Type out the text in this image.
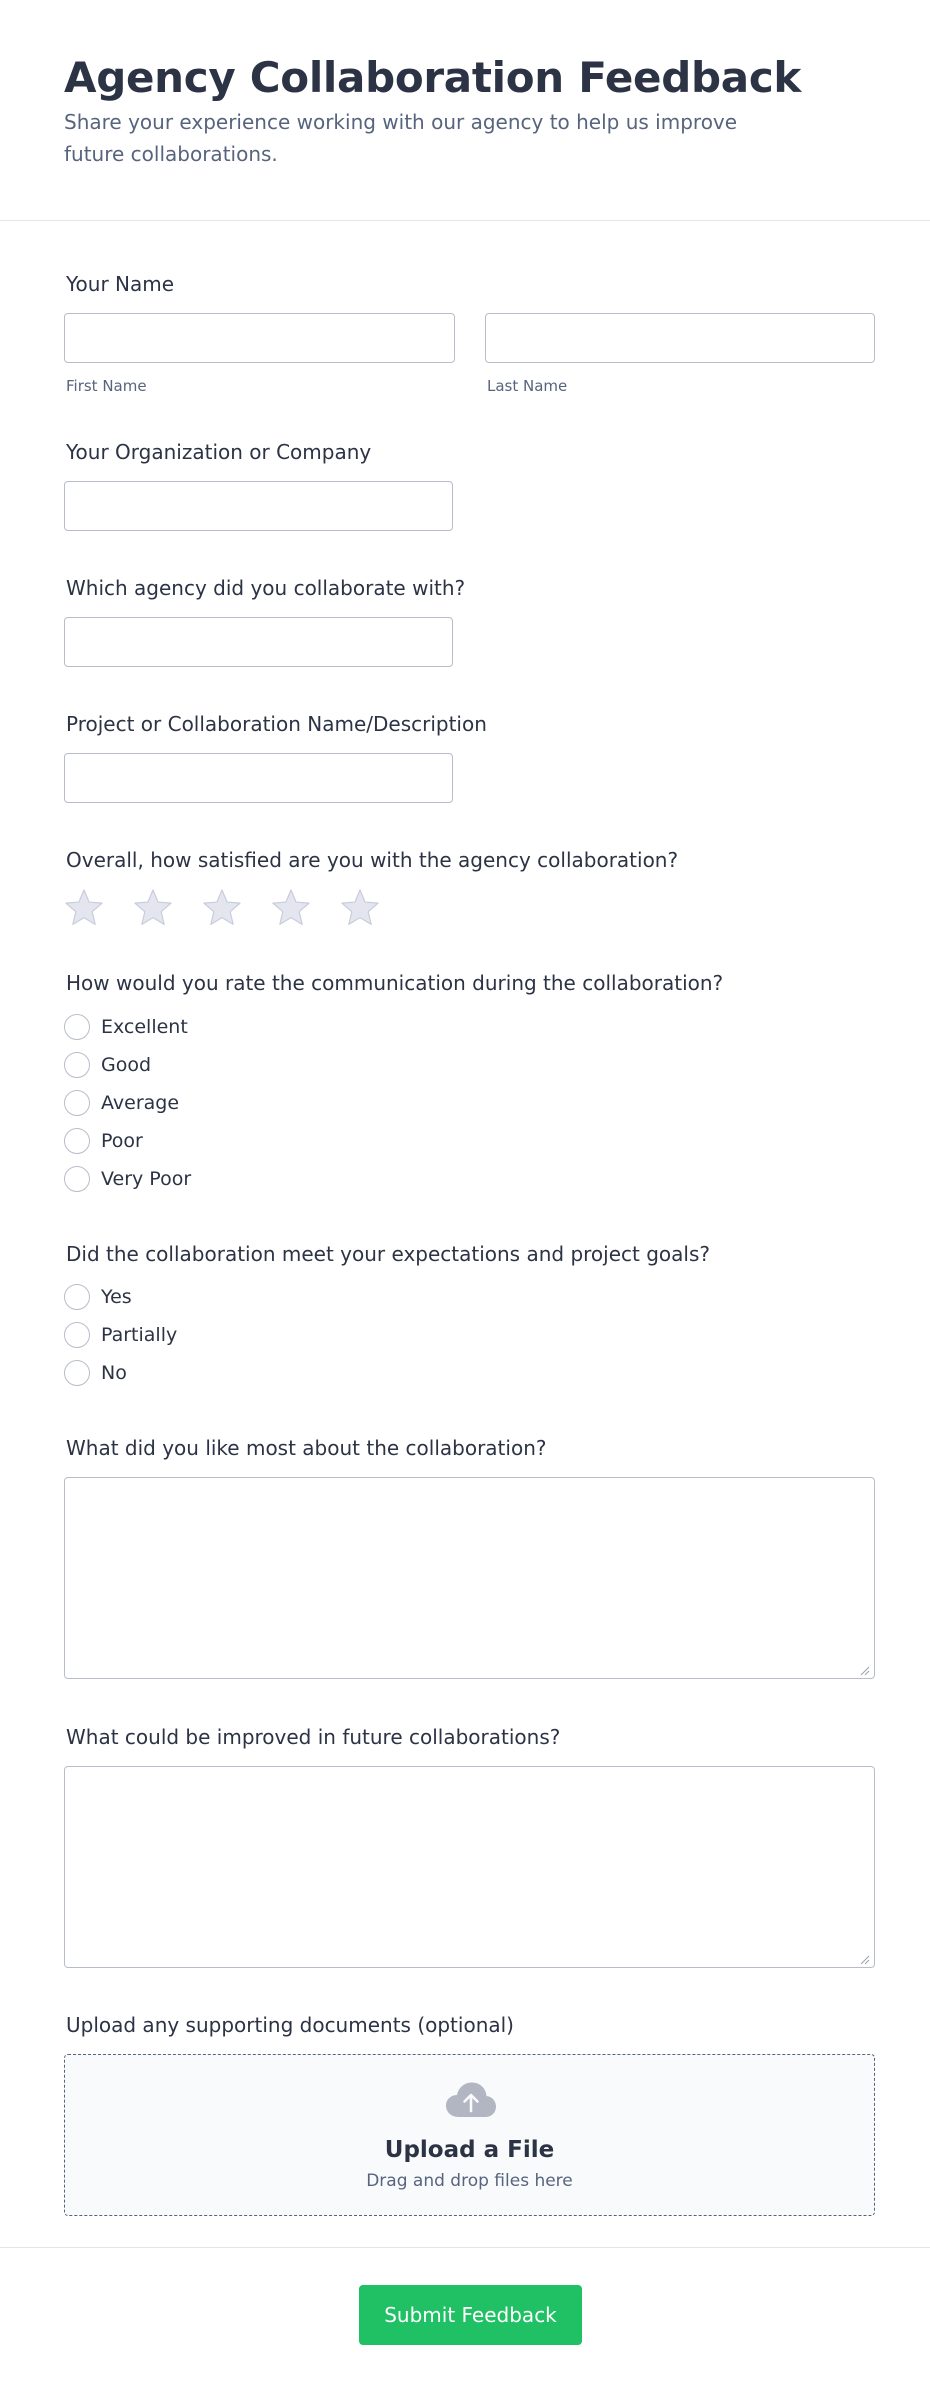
Agency Collaboration Feedback

Share your experience working with our agency to help us improve future collaborations.

Your Name
First Name	Last Name
Your Organization or Company
Which agency did you collaborate with?
Project or Collaboration Name/Description
Overall, how satisfied are you with the agency collaboration?
How would you rate the communication during the collaboration?
Excellent
Good
Average
Poor
Very Poor
Did the collaboration meet your expectations and project goals?
Yes
Partially
No
What did you like most about the collaboration?
What could be improved in future collaborations?
Upload any supporting documents (optional)
Upload a File
Drag and drop files here
Submit Feedback
